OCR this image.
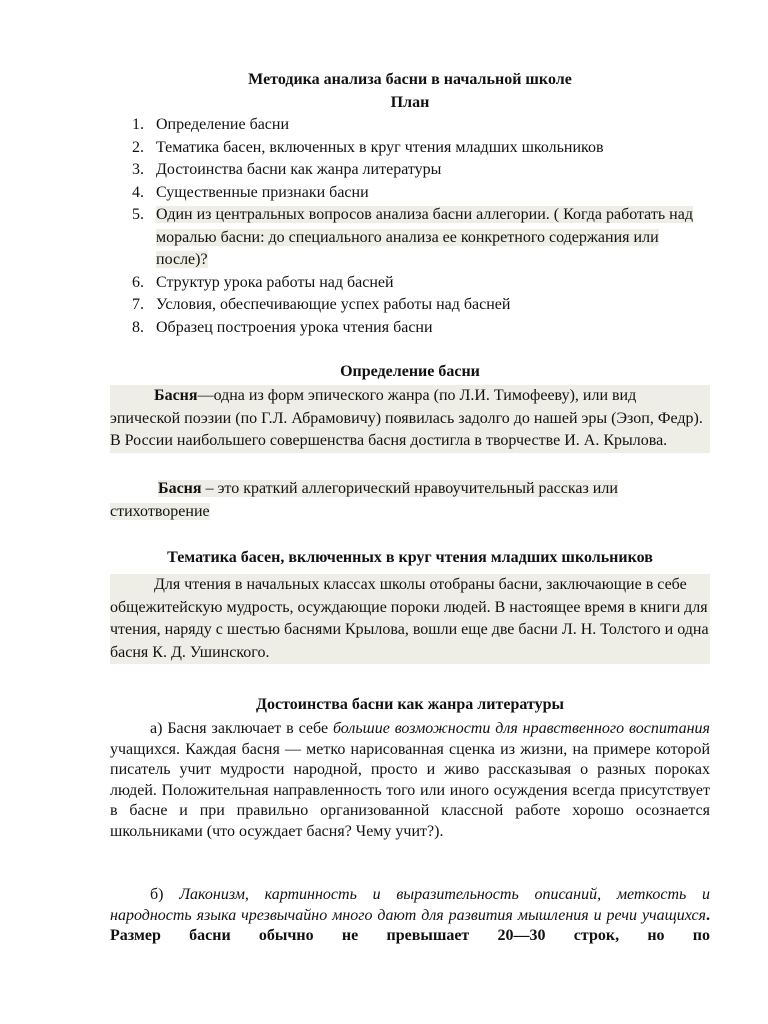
Методика анализа басни в начальной школе
План
1. Определение басни
2. Тематика басен, включенных в круг чтения младших школьников
3. Достоинства басни как жанра литературы
4. Существенные признаки басни
5. Один из центральных вопросов анализа басни аллегории. ( Когда работать над моралью басни: до специального анализа ее конкретного содержания или после)?
6. Структур урока работы над басней
7. Условия, обеспечивающие успех работы над басней
8. Образец построения урока чтения басни
Определение басни
Басня—одна из форм эпического жанра (по Л.И. Тимофееву), или вид эпической поэзии (по Г.Л. Абрамовичу) появилась задолго до нашей эры (Эзоп, Федр). В России наибольшего совершенства басня достигла в творчестве И. А. Крылова.
Басня – это краткий аллегорический нравоучительный рассказ или стихотворение
Тематика басен, включенных в круг чтения младших школьников
Для чтения в начальных классах школы отобраны басни, заключающие в себе общежитейскую мудрость, осуждающие пороки людей. В настоящее время в книги для чтения, наряду с шестью баснями Крылова, вошли еще две басни Л. Н. Толстого и одна басня К. Д. Ушинского.
Достоинства басни как жанра литературы
а) Басня заключает в себе большие возможности для нравственного воспитания учащихся. Каждая басня — метко нарисованная сценка из жизни, на примере которой писатель учит мудрости народной, просто и живо рассказывая о разных пороках людей. Положительная направленность того или иного осуждения всегда присутствует в басне и при правильно организованной классной работе хорошо осознается школьниками (что осуждает басня? Чему учит?).
б) Лаконизм, картинность и выразительность описаний, меткость и народность языка чрезвычайно много дают для развития мышления и речи учащихся. Размер басни обычно не превышает 20—30 строк, но по
